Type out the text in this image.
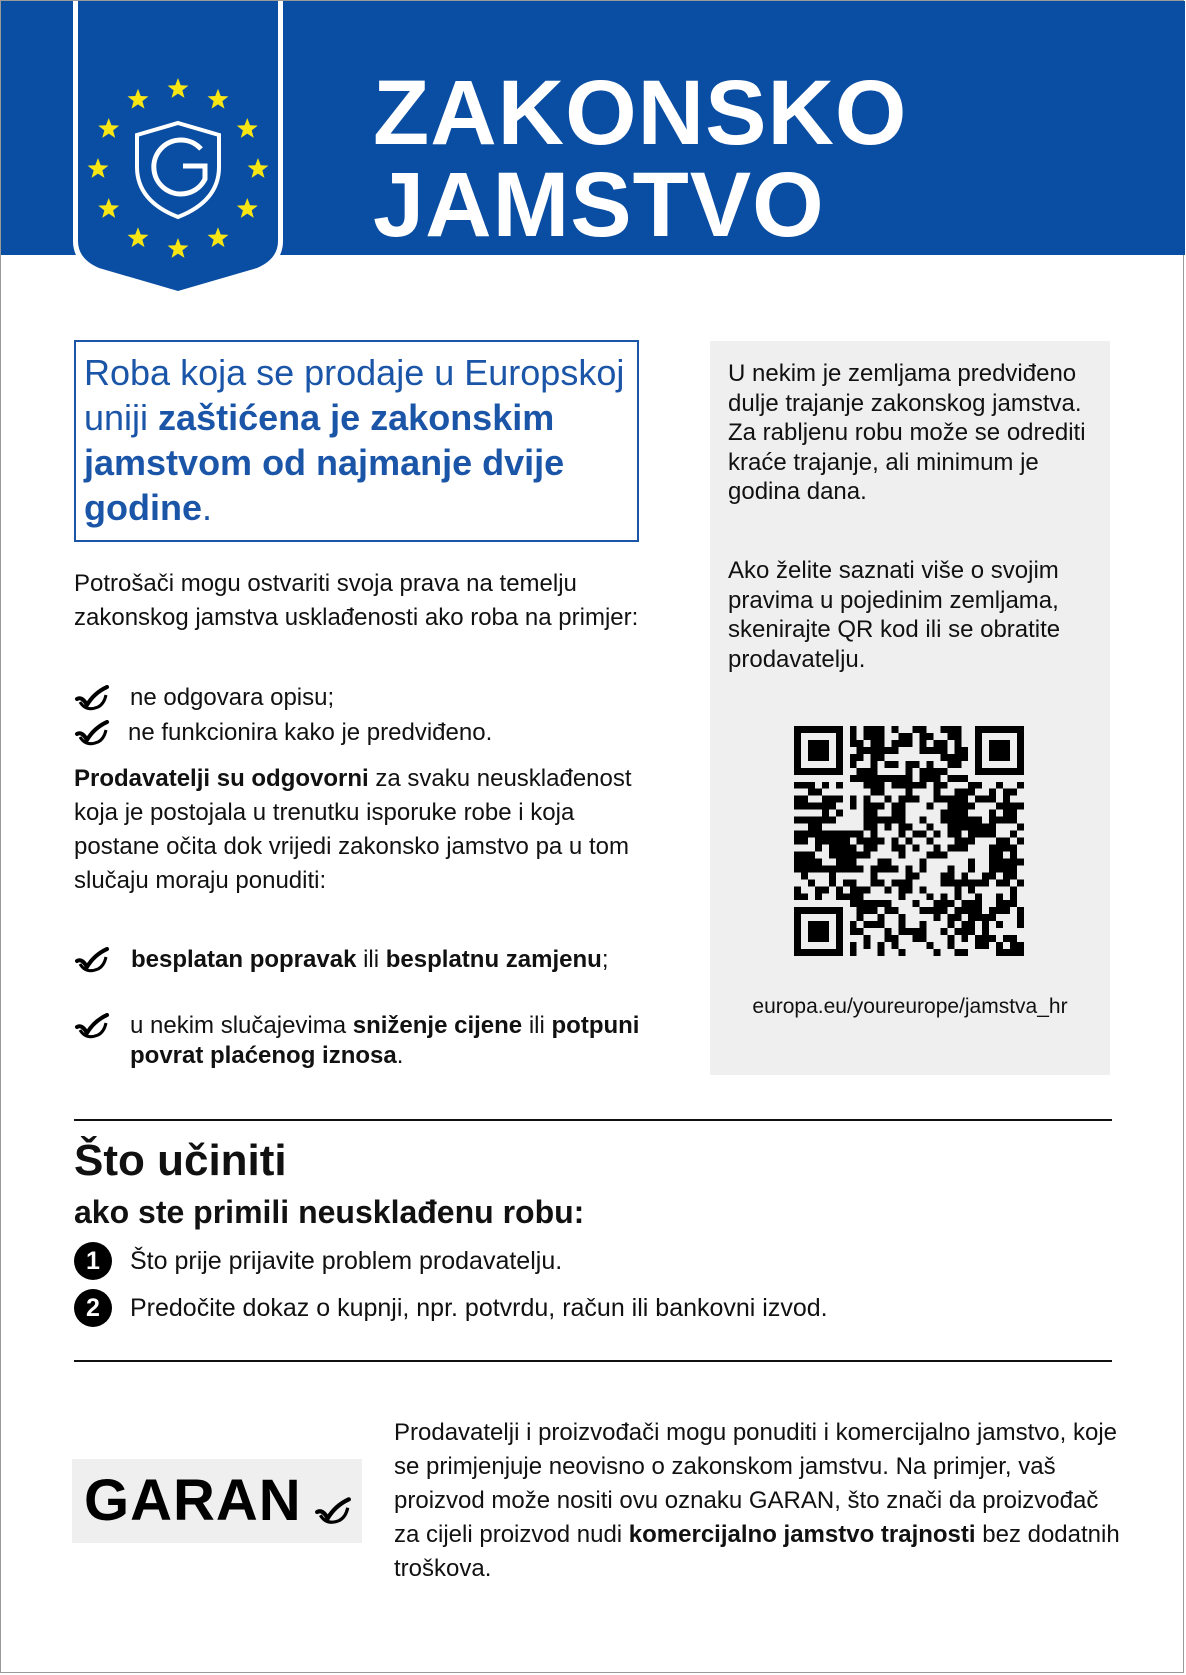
ZAKONSKO
JAMSTVO
Roba koja se prodaje u Europskoj uniji zaštićena je zakonskim jamstvom od najmanje dvije godine.

Potrošači mogu ostvariti svoja prava na temelju zakonskog jamstva usklađenosti ako roba na primjer:

ne odgovara opisu;
ne funkcionira kako je predviđeno.

Prodavatelji su odgovorni za svaku neusklađenost koja je postojala u trenutku isporuke robe i koja postane očita dok vrijedi zakonsko jamstvo pa u tom slučaju moraju ponuditi:

besplatan popravak ili besplatnu zamjenu;
u nekim slučajevima sniženje cijene ili potpuni povrat plaćenog iznosa.

U nekim je zemljama predviđeno dulje trajanje zakonskog jamstva. Za rabljenu robu može se odrediti kraće trajanje, ali minimum je godina dana.

Ako želite saznati više o svojim pravima u pojedinim zemljama, skenirajte QR kod ili se obratite prodavatelju.

europa.eu/youreurope/jamstva_hr
Što učiniti
ako ste primili neusklađenu robu:
1	Što prije prijavite problem prodavatelju.
2	Predočite dokaz o kupnji, npr. potvrdu, račun ili bankovni izvod.
GARAN

Prodavatelji i proizvođači mogu ponuditi i komercijalno jamstvo, koje se primjenjuje neovisno o zakonskom jamstvu. Na primjer, vaš proizvod može nositi ovu oznaku GARAN, što znači da proizvođač za cijeli proizvod nudi komercijalno jamstvo trajnosti bez dodatnih troškova.
